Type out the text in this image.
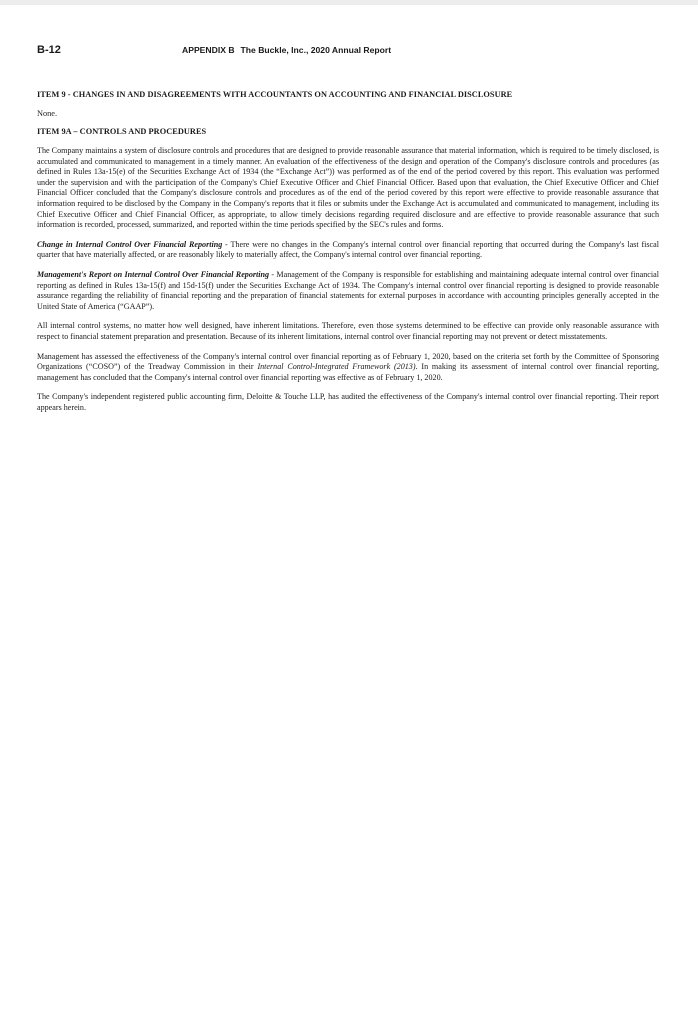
B-12	APPENDIX B The Buckle, Inc., 2020 Annual Report
ITEM 9 - CHANGES IN AND DISAGREEMENTS WITH ACCOUNTANTS ON ACCOUNTING AND FINANCIAL DISCLOSURE
None.
ITEM 9A – CONTROLS AND PROCEDURES

The Company maintains a system of disclosure controls and procedures that are designed to provide reasonable assurance that material information, which is required to be timely disclosed, is accumulated and communicated to management in a timely manner. An evaluation of the effectiveness of the design and operation of the Company's disclosure controls and procedures (as defined in Rules 13a-15(e) of the Securities Exchange Act of 1934 (the “Exchange Act”)) was performed as of the end of the period covered by this report. This evaluation was performed under the supervision and with the participation of the Company's Chief Executive Officer and Chief Financial Officer. Based upon that evaluation, the Chief Executive Officer and Chief Financial Officer concluded that the Company's disclosure controls and procedures as of the end of the period covered by this report were effective to provide reasonable assurance that information required to be disclosed by the Company in the Company's reports that it files or submits under the Exchange Act is accumulated and communicated to management, including its Chief Executive Officer and Chief Financial Officer, as appropriate, to allow timely decisions regarding required disclosure and are effective to provide reasonable assurance that such information is recorded, processed, summarized, and reported within the time periods specified by the SEC's rules and forms.

Change in Internal Control Over Financial Reporting - There were no changes in the Company's internal control over financial reporting that occurred during the Company's last fiscal quarter that have materially affected, or are reasonably likely to materially affect, the Company's internal control over financial reporting.

Management's Report on Internal Control Over Financial Reporting - Management of the Company is responsible for establishing and maintaining adequate internal control over financial reporting as defined in Rules 13a-15(f) and 15d-15(f) under the Securities Exchange Act of 1934. The Company's internal control over financial reporting is designed to provide reasonable assurance regarding the reliability of financial reporting and the preparation of financial statements for external purposes in accordance with accounting principles generally accepted in the United State of America (“GAAP”).

All internal control systems, no matter how well designed, have inherent limitations. Therefore, even those systems determined to be effective can provide only reasonable assurance with respect to financial statement preparation and presentation. Because of its inherent limitations, internal control over financial reporting may not prevent or detect misstatements.

Management has assessed the effectiveness of the Company's internal control over financial reporting as of February 1, 2020, based on the criteria set forth by the Committee of Sponsoring Organizations (“COSO”) of the Treadway Commission in their Internal Control-Integrated Framework (2013). In making its assessment of internal control over financial reporting, management has concluded that the Company's internal control over financial reporting was effective as of February 1, 2020.

The Company's independent registered public accounting firm, Deloitte & Touche LLP, has audited the effectiveness of the Company's internal control over financial reporting. Their report appears herein.
